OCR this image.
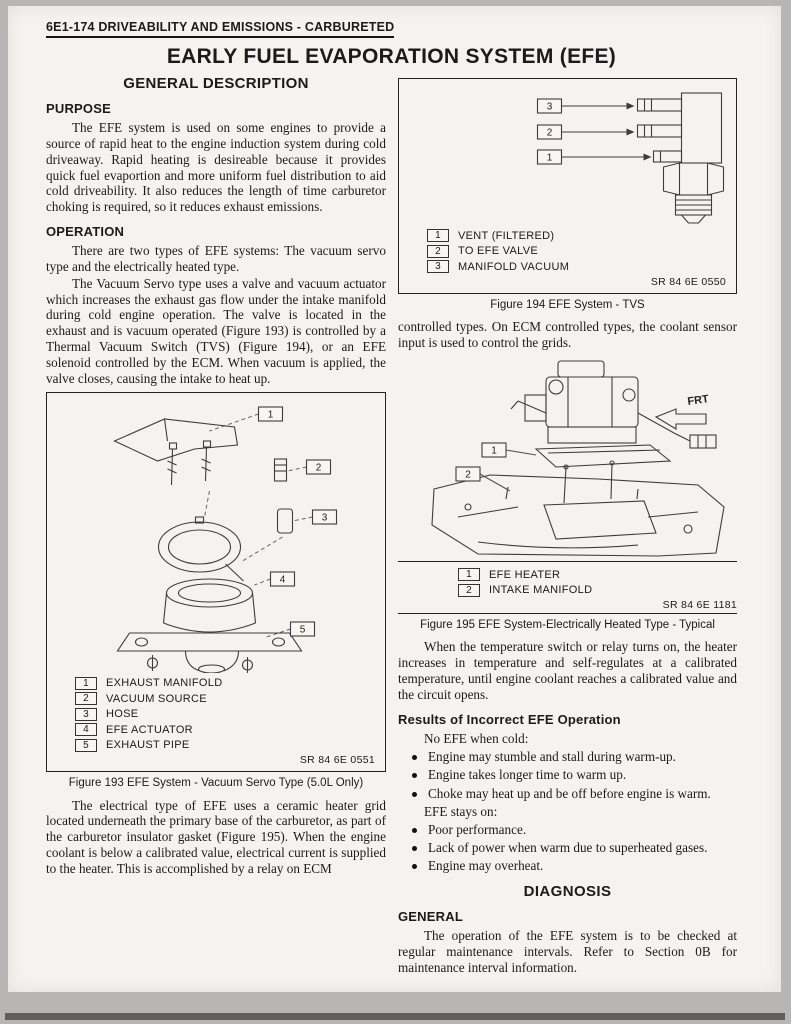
6E1-174 DRIVEABILITY AND EMISSIONS - CARBURETED
EARLY FUEL EVAPORATION SYSTEM (EFE)
GENERAL DESCRIPTION
PURPOSE

The EFE system is used on some engines to provide a source of rapid heat to the engine induction system during cold driveaway. Rapid heating is desireable because it provides quick fuel evaportion and more uniform fuel distribution to aid cold driveability. It also reduces the length of time carburetor choking is required, so it reduces exhaust emissions.

OPERATION

There are two types of EFE systems: The vacuum servo type and the electrically heated type.

The Vacuum Servo type uses a valve and vacuum actuator which increases the exhaust gas flow under the intake manifold during cold engine operation. The valve is located in the exhaust and is vacuum operated (Figure 193) is controlled by a Thermal Vacuum Switch (TVS) (Figure 194), or an EFE solenoid controlled by the ECM. When vacuum is applied, the valve closes, causing the intake to heat up.

1
2
3
4
5
1	EXHAUST MANIFOLD
2	VACUUM SOURCE
3	HOSE
4	EFE ACTUATOR
5	EXHAUST PIPE
SR 84 6E 0551
Figure 193 EFE System - Vacuum Servo Type (5.0L Only)

The electrical type of EFE uses a ceramic heater grid located underneath the primary base of the carburetor, as part of the carburetor insulator gasket (Figure 195). When the engine coolant is below a calibrated value, electrical current is supplied to the heater. This is accomplished by a relay on ECM

3
2
1
1	VENT (FILTERED)
2	TO EFE VALVE
3	MANIFOLD VACUUM
SR 84 6E 0550
Figure 194 EFE System - TVS

controlled types. On ECM controlled types, the coolant sensor input is used to control the grids.

FRT
1
2
1	EFE HEATER
2	INTAKE MANIFOLD
SR 84 6E 1181
Figure 195 EFE System-Electrically Heated Type - Typical

When the temperature switch or relay turns on, the heater increases in temperature and self-regulates at a calibrated temperature, until engine coolant reaches a calibrated value and the circuit opens.

Results of Incorrect EFE Operation
No EFE when cold:
Engine may stumble and stall during warm-up.
Engine takes longer time to warm up.
Choke may heat up and be off before engine is warm.
EFE stays on:
Poor performance.
Lack of power when warm due to superheated gases.
Engine may overheat.
DIAGNOSIS
GENERAL

The operation of the EFE system is to be checked at regular maintenance intervals. Refer to Section 0B for maintenance interval information.
